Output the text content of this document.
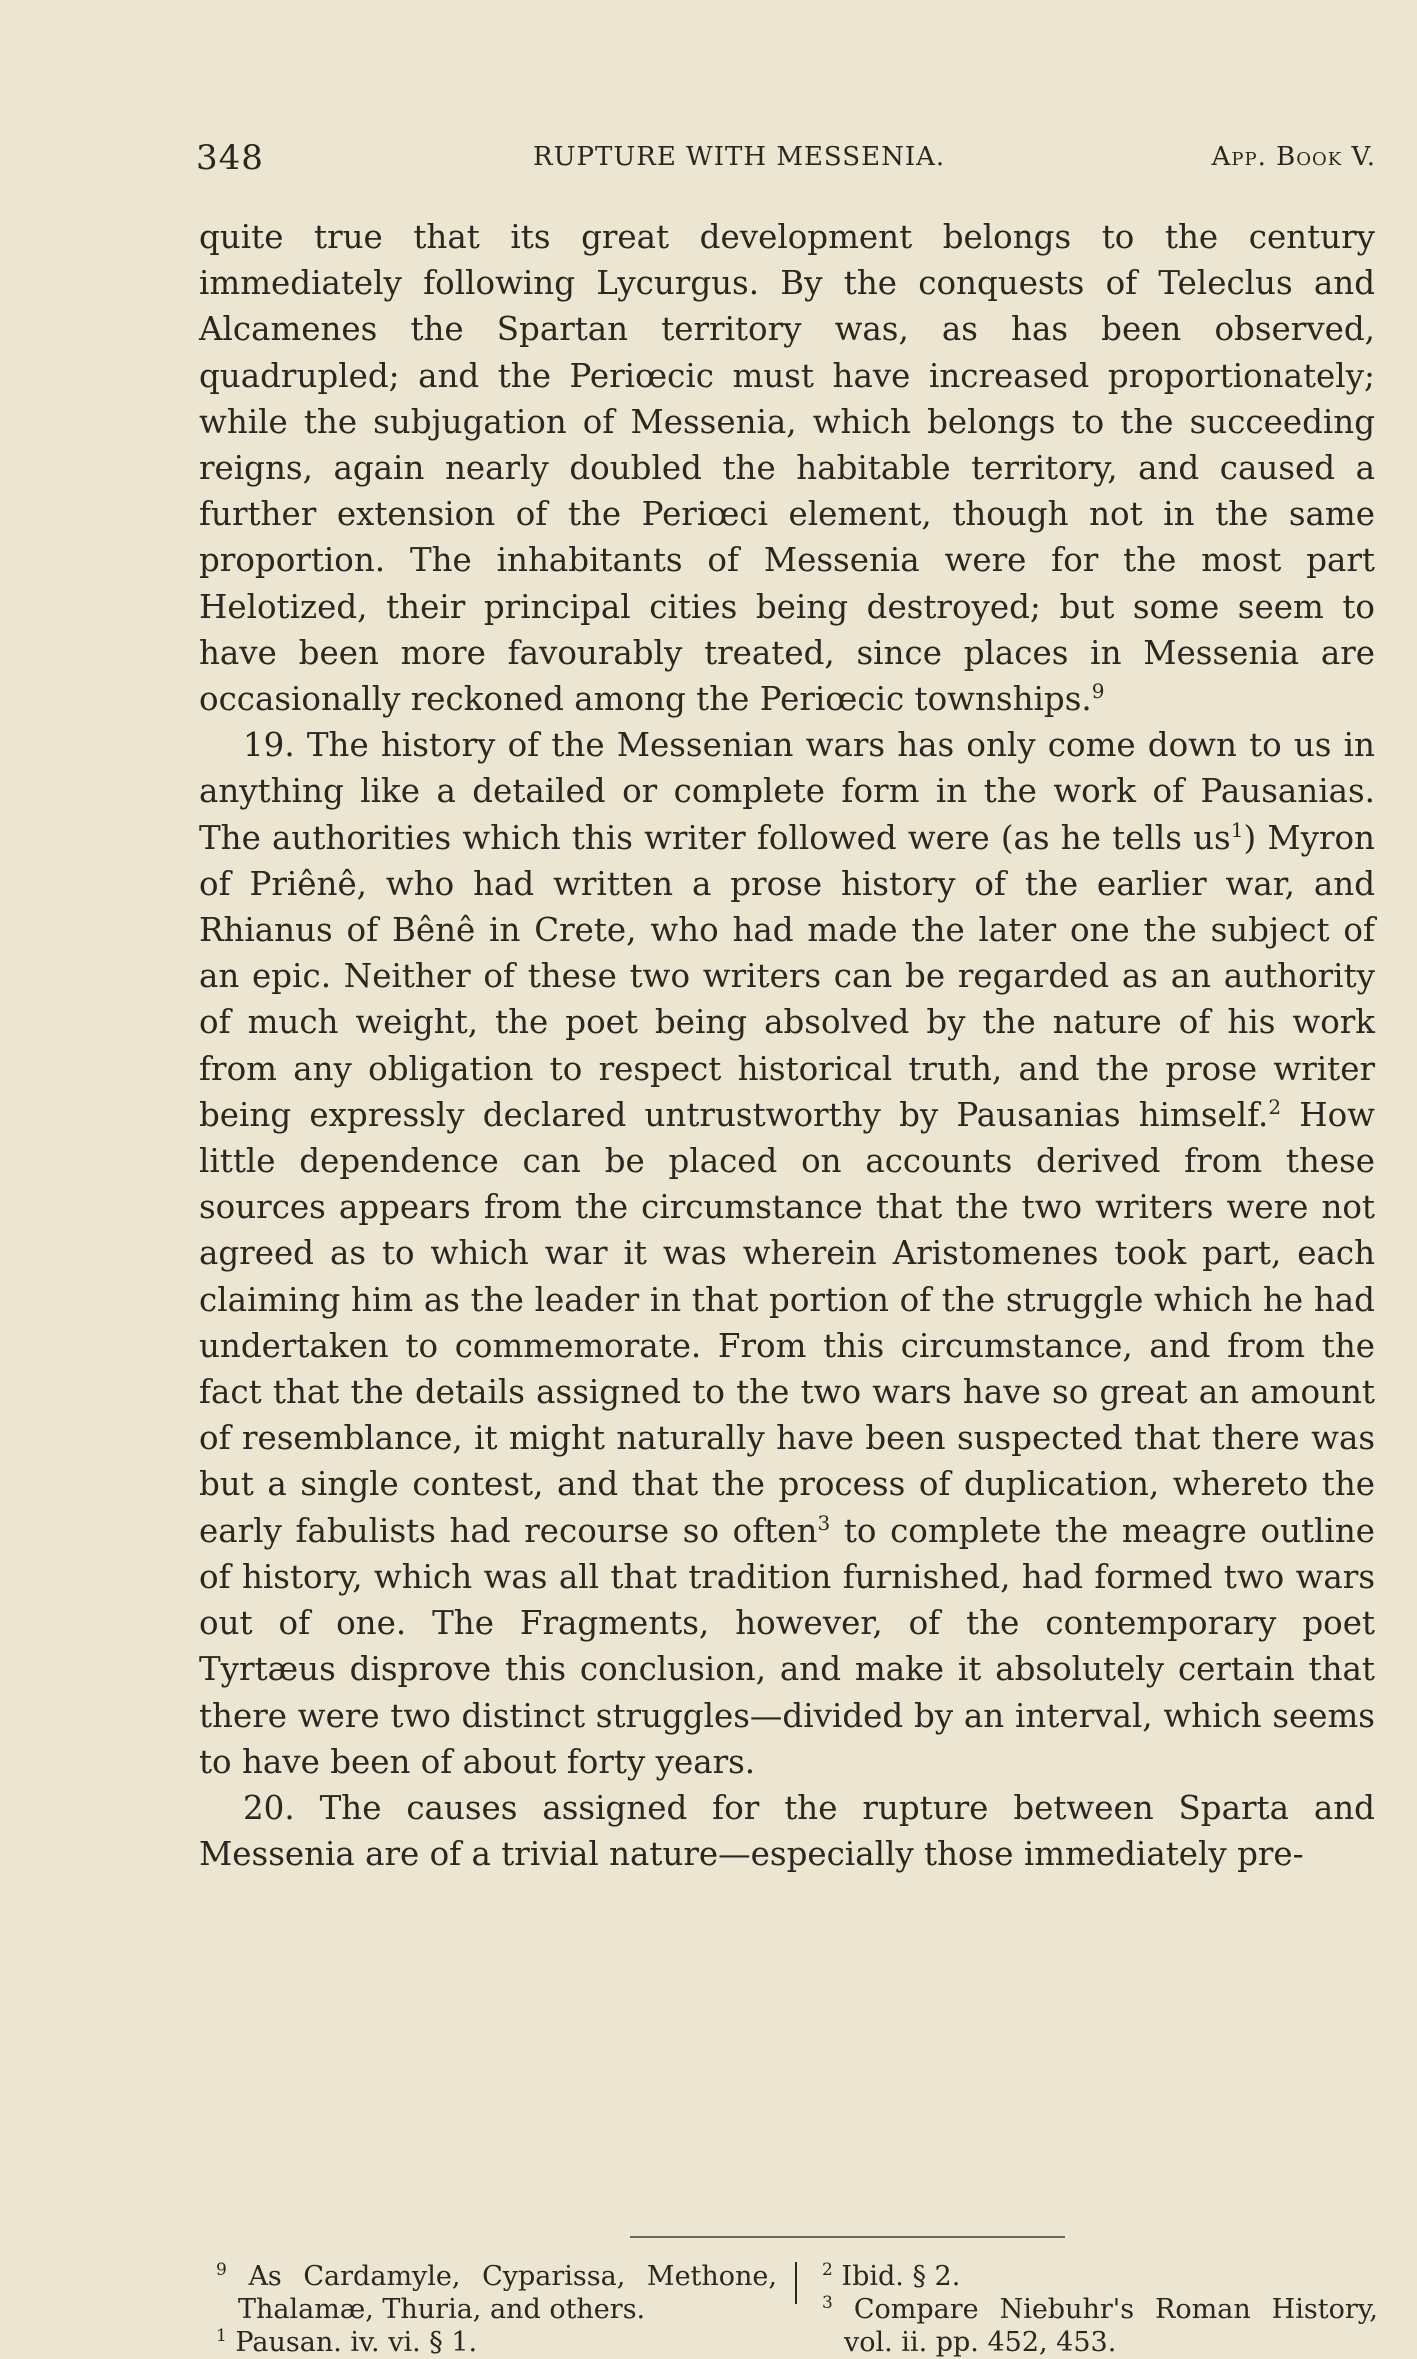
348	RUPTURE WITH MESSENIA.	App. Book V.

quite true that its great development belongs to the century immediately following Lycurgus. By the conquests of Teleclus and Alcamenes the Spartan territory was, as has been observed, quadrupled; and the Periœcic must have increased proportionately; while the subjugation of Messenia, which belongs to the succeeding reigns, again nearly doubled the habitable territory, and caused a further extension of the Periœci element, though not in the same proportion. The inhabitants of Messenia were for the most part Helotized, their principal cities being destroyed; but some seem to have been more favourably treated, since places in Messenia are occasionally reckoned among the Periœcic townships.$^9$

19. The history of the Messenian wars has only come down to us in anything like a detailed or complete form in the work of Pausanias. The authorities which this writer followed were (as he tells $us^1$) Myron of Priênê, who had written a prose history of the earlier war, and Rhianus of Bênê in Crete, who had made the later one the subject of an epic. Neither of these two writers can be regarded as an authority of much weight, the poet being absolved by the nature of his work from any obligation to respect historical truth, and the prose writer being expressly declared untrustworthy by Pausanias himself.$^2$ How little dependence can be placed on accounts derived from these sources appears from the circumstance that the two writers were not agreed as to which war it was wherein Aristomenes took part, each claiming him as the leader in that portion of the struggle which he had undertaken to commemorate. From this circumstance, and from the fact that the details assigned to the two wars have so great an amount of resemblance, it might naturally have been suspected that there was but a single contest, and that the process of duplication, whereto the early fabulists had recourse so often$^3$ to complete the meagre outline of history, which was all that tradition furnished, had formed two wars out of one. The Fragments, however, of the contemporary poet Tyrtæus disprove this conclusion, and make it absolutely certain that there were two distinct struggles—divided by an interval, which seems to have been of about forty years.

20. The causes assigned for the rupture between Sparta and Messenia are of a trivial nature—especially those immediately pre-

$^9$ As Cardamyle, Cyparissa, Methone, Thalamæ, Thuria, and others.
$^1$ Pausan. iv. vi. § 1.
$^2$ Ibid. § 2.
$^3$ Compare Niebuhr's Roman History, vol. ii. pp. 452, 453.
